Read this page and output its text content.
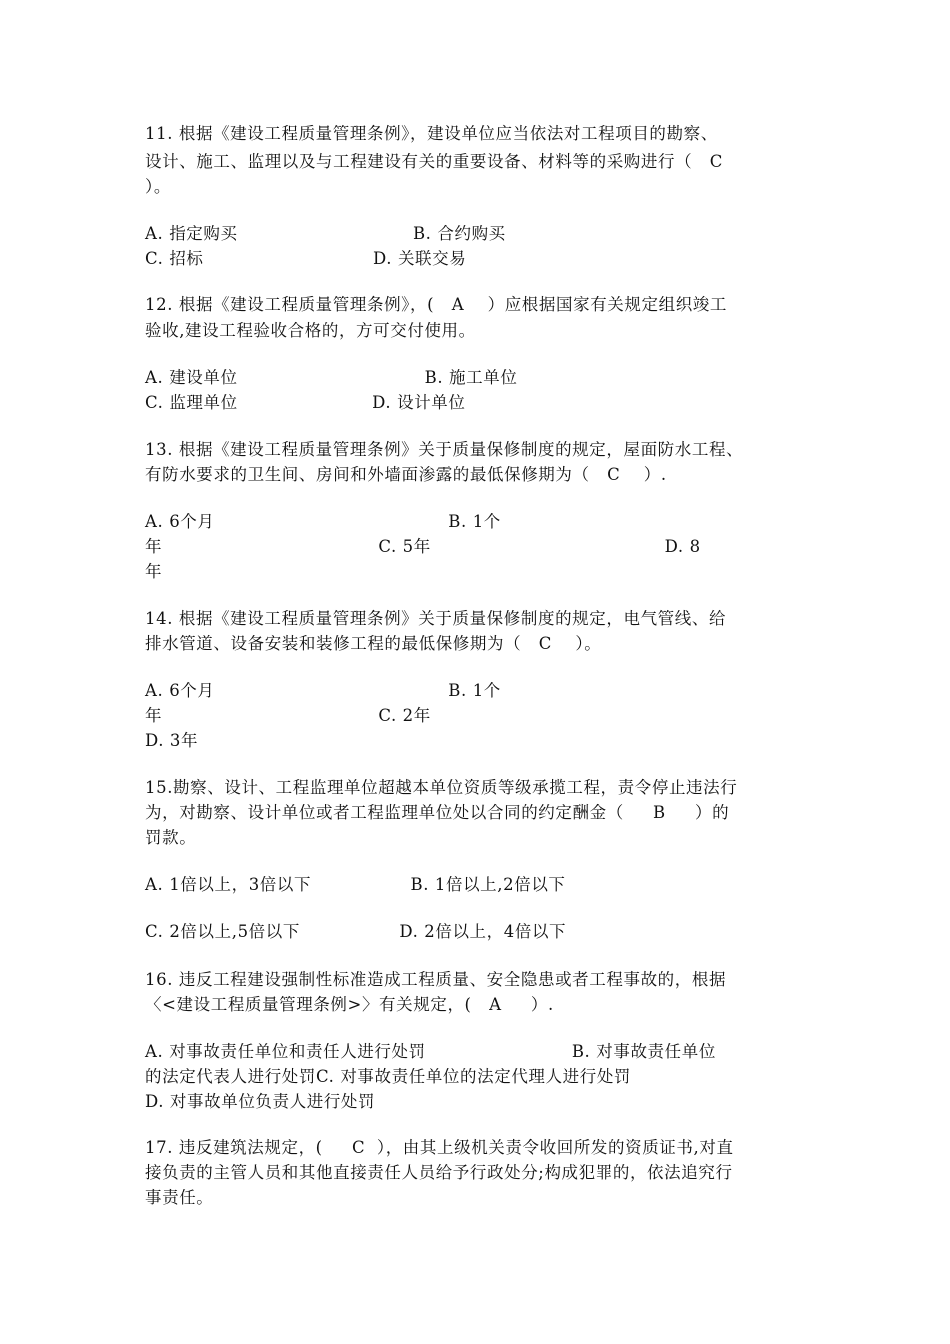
11. 根据《建设工程质量管理条例》，建设单位应当依法对工程项目的勘察、
设计、施工、监理以及与工程建设有关的重要设备、材料等的采购进行（   C
）。
A. 指定购买                              B. 合约购买
C. 招标                             D. 关联交易
12. 根据《建设工程质量管理条例》，(   A    ）应根据国家有关规定组织竣工
验收,建设工程验收合格的，方可交付使用。
A. 建设单位                                B. 施工单位
C. 监理单位                       D. 设计单位
13. 根据《建设工程质量管理条例》关于质量保修制度的规定，屋面防水工程、
有防水要求的卫生间、房间和外墙面渗露的最低保修期为（   C    ）.
A. 6个月                                        B. 1个
年                                     C. 5年                                        D. 8
年
14. 根据《建设工程质量管理条例》关于质量保修制度的规定，电气管线、给
排水管道、设备安装和装修工程的最低保修期为（   C    ）。
A. 6个月                                        B. 1个
年                                     C. 2年
D. 3年
15.勘察、设计、工程监理单位超越本单位资质等级承揽工程，责令停止违法行
为，对勘察、设计单位或者工程监理单位处以合同的约定酬金（     B     ）的
罚款。
A. 1倍以上，3倍以下                 B. 1倍以上,2倍以下
C. 2倍以上,5倍以下                 D. 2倍以上，4倍以下
16. 违反工程建设强制性标准造成工程质量、安全隐患或者工程事故的，根据
〈<建设工程质量管理条例>〉有关规定，(   A     ）.
A. 对事故责任单位和责任人进行处罚                         B. 对事故责任单位
的法定代表人进行处罚C. 对事故责任单位的法定代理人进行处罚
D. 对事故单位负责人进行处罚
17. 违反建筑法规定，(     C  ），由其上级机关责令收回所发的资质证书,对直
接负责的主管人员和其他直接责任人员给予行政处分;构成犯罪的，依法追究行
事责任。
